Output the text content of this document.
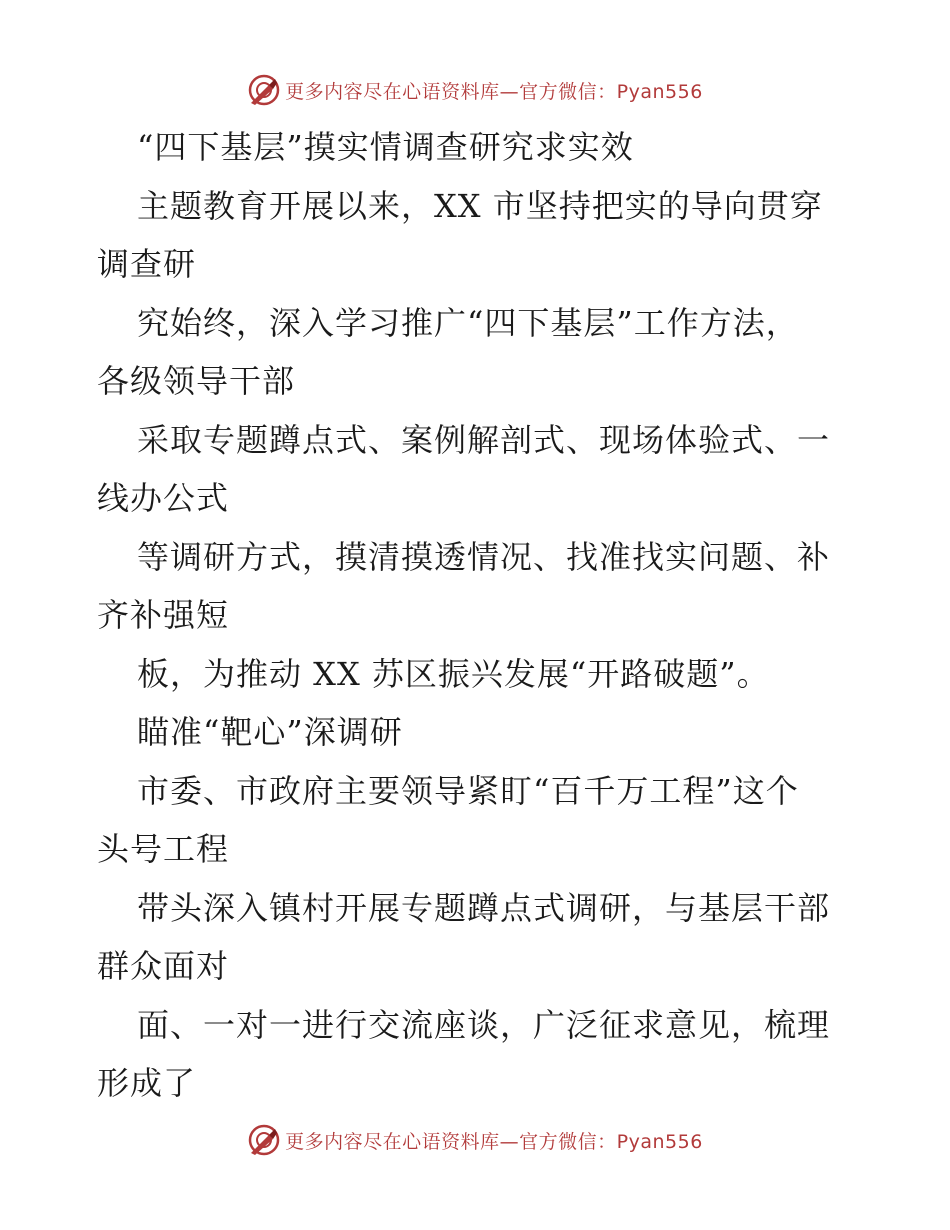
更多内容尽在心语资料库—官方微信：Pyan556
“四下基层”摸实情调查研究求实效
主题教育开展以来，XX 市坚持把实的导向贯穿
调查研
究始终，深入学习推广“四下基层”工作方法，
各级领导干部
采取专题蹲点式、案例解剖式、现场体验式、一
线办公式
等调研方式，摸清摸透情况、找准找实问题、补
齐补强短
板，为推动 XX 苏区振兴发展“开路破题”。
瞄准“靶心”深调研
市委、市政府主要领导紧盯“百千万工程”这个
头号工程
带头深入镇村开展专题蹲点式调研，与基层干部
群众面对
面、一对一进行交流座谈，广泛征求意见，梳理
形成了
更多内容尽在心语资料库—官方微信：Pyan556
